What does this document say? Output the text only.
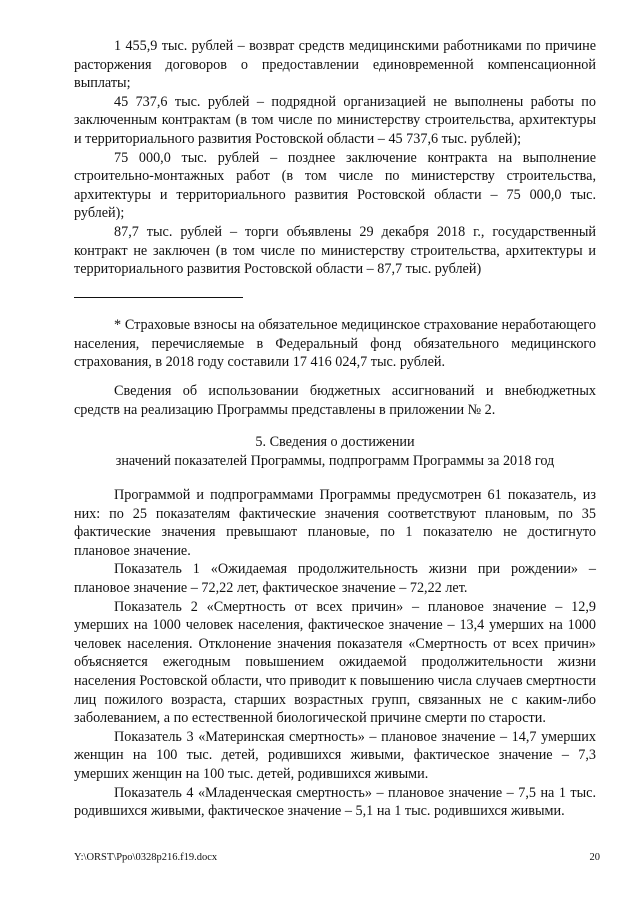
1 455,9 тыс. рублей – возврат средств медицинскими работниками по причине расторжения договоров о предоставлении единовременной компенсационной выплаты;

45 737,6 тыс. рублей – подрядной организацией не выполнены работы по заключенным контрактам (в том числе по министерству строительства, архитектуры и территориального развития Ростовской области – 45 737,6 тыс. рублей);

75 000,0 тыс. рублей – позднее заключение контракта на выполнение строительно-монтажных работ (в том числе по министерству строительства, архитектуры и территориального развития Ростовской области – 75 000,0 тыс. рублей);

87,7 тыс. рублей – торги объявлены 29 декабря 2018 г., государственный контракт не заключен (в том числе по министерству строительства, архитектуры и территориального развития Ростовской области – 87,7 тыс. рублей)

* Страховые взносы на обязательное медицинское страхование неработающего населения, перечисляемые в Федеральный фонд обязательного медицинского страхования, в 2018 году составили 17 416 024,7 тыс. рублей.

Сведения об использовании бюджетных ассигнований и внебюджетных средств на реализацию Программы представлены в приложении № 2.

5. Сведения о достижении
значений показателей Программы, подпрограмм Программы за 2018 год

Программой и подпрограммами Программы предусмотрен 61 показатель, из них: по 25 показателям фактические значения соответствуют плановым, по 35 фактические значения превышают плановые, по 1 показателю не достигнуто плановое значение.

Показатель 1 «Ожидаемая продолжительность жизни при рождении» – плановое значение – 72,22 лет, фактическое значение – 72,22 лет.

Показатель 2 «Смертность от всех причин» – плановое значение – 12,9 умерших на 1000 человек населения, фактическое значение – 13,4 умерших на 1000 человек населения. Отклонение значения показателя «Смертность от всех причин» объясняется ежегодным повышением ожидаемой продолжительности жизни населения Ростовской области, что приводит к повышению числа случаев смертности лиц пожилого возраста, старших возрастных групп, связанных не с каким-либо заболеванием, а по естественной биологической причине смерти по старости.

Показатель 3 «Материнская смертность» – плановое значение – 14,7 умерших женщин на 100 тыс. детей, родившихся живыми, фактическое значение – 7,3 умерших женщин на 100 тыс. детей, родившихся живыми.

Показатель 4 «Младенческая смертность» – плановое значение – 7,5 на 1 тыс. родившихся живыми, фактическое значение – 5,1 на 1 тыс. родившихся живыми.

Y:\ORST\Ppo\0328p216.f19.docx	20
